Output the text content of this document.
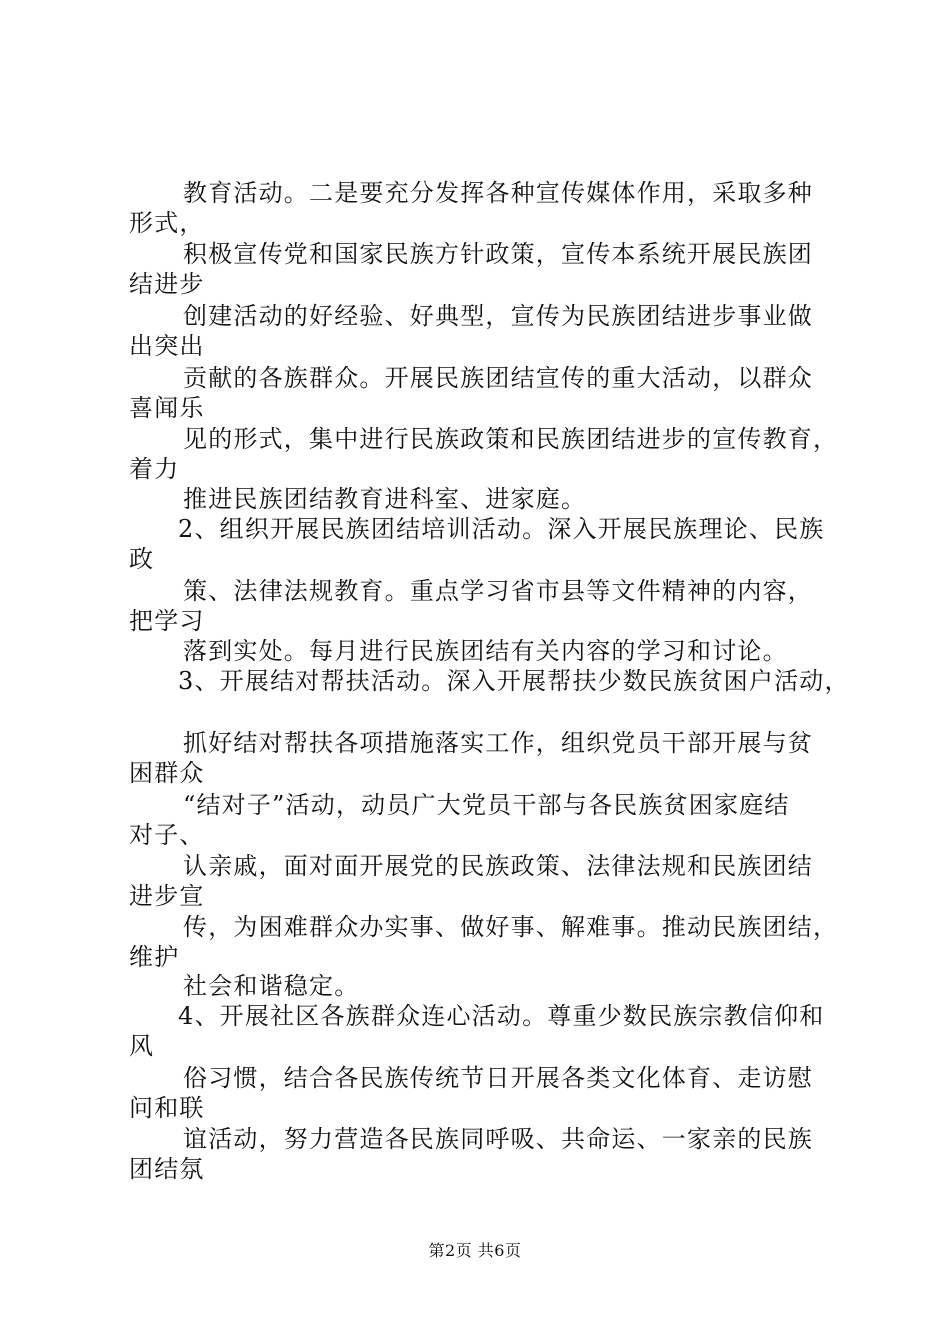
教育活动。二是要充分发挥各种宣传媒体作用，采取多种
形式，
积极宣传党和国家民族方针政策，宣传本系统开展民族团
结进步
创建活动的好经验、好典型，宣传为民族团结进步事业做
出突出
贡献的各族群众。开展民族团结宣传的重大活动，以群众
喜闻乐
见的形式，集中进行民族政策和民族团结进步的宣传教育，
着力
推进民族团结教育进科室、进家庭。
2、组织开展民族团结培训活动。深入开展民族理论、民族
政
策、法律法规教育。重点学习省市县等文件精神的内容，
把学习
落到实处。每月进行民族团结有关内容的学习和讨论。
3、开展结对帮扶活动。深入开展帮扶少数民族贫困户活动，
抓好结对帮扶各项措施落实工作，组织党员干部开展与贫
困群众
“结对子”活动，动员广大党员干部与各民族贫困家庭结
对子、
认亲戚，面对面开展党的民族政策、法律法规和民族团结
进步宣
传，为困难群众办实事、做好事、解难事。推动民族团结，
维护
社会和谐稳定。
4、开展社区各族群众连心活动。尊重少数民族宗教信仰和
风
俗习惯，结合各民族传统节日开展各类文化体育、走访慰
问和联
谊活动，努力营造各民族同呼吸、共命运、一家亲的民族
团结氛
第2页 共6页
